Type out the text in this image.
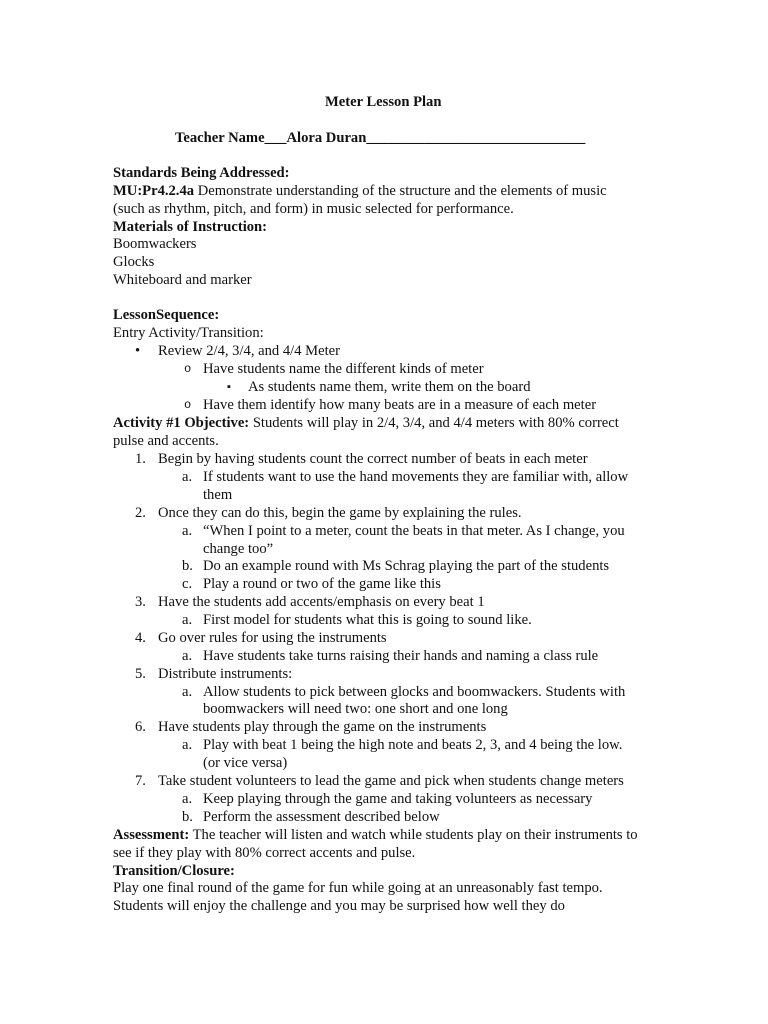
Meter Lesson Plan
Teacher Name___Alora Duran______________________________
Standards Being Addressed:
MU:Pr4.2.4a Demonstrate understanding of the structure and the elements of music
(such as rhythm, pitch, and form) in music selected for performance.
Materials of Instruction:
Boomwackers
Glocks
Whiteboard and marker
LessonSequence:
Entry Activity/Transition:
• Review 2/4, 3/4, and 4/4 Meter
o Have students name the different kinds of meter
▪ As students name them, write them on the board
o Have them identify how many beats are in a measure of each meter
Activity #1 Objective: Students will play in 2/4, 3/4, and 4/4 meters with 80% correct
pulse and accents.
1. Begin by having students count the correct number of beats in each meter
a. If students want to use the hand movements they are familiar with, allow
them
2. Once they can do this, begin the game by explaining the rules.
a. “When I point to a meter, count the beats in that meter. As I change, you
change too”
b. Do an example round with Ms Schrag playing the part of the students
c. Play a round or two of the game like this
3. Have the students add accents/emphasis on every beat 1
a. First model for students what this is going to sound like.
4. Go over rules for using the instruments
a. Have students take turns raising their hands and naming a class rule
5. Distribute instruments:
a. Allow students to pick between glocks and boomwackers. Students with
boomwackers will need two: one short and one long
6. Have students play through the game on the instruments
a. Play with beat 1 being the high note and beats 2, 3, and 4 being the low.
(or vice versa)
7. Take student volunteers to lead the game and pick when students change meters
a. Keep playing through the game and taking volunteers as necessary
b. Perform the assessment described below
Assessment: The teacher will listen and watch while students play on their instruments to
see if they play with 80% correct accents and pulse.
Transition/Closure:
Play one final round of the game for fun while going at an unreasonably fast tempo.
Students will enjoy the challenge and you may be surprised how well they do
